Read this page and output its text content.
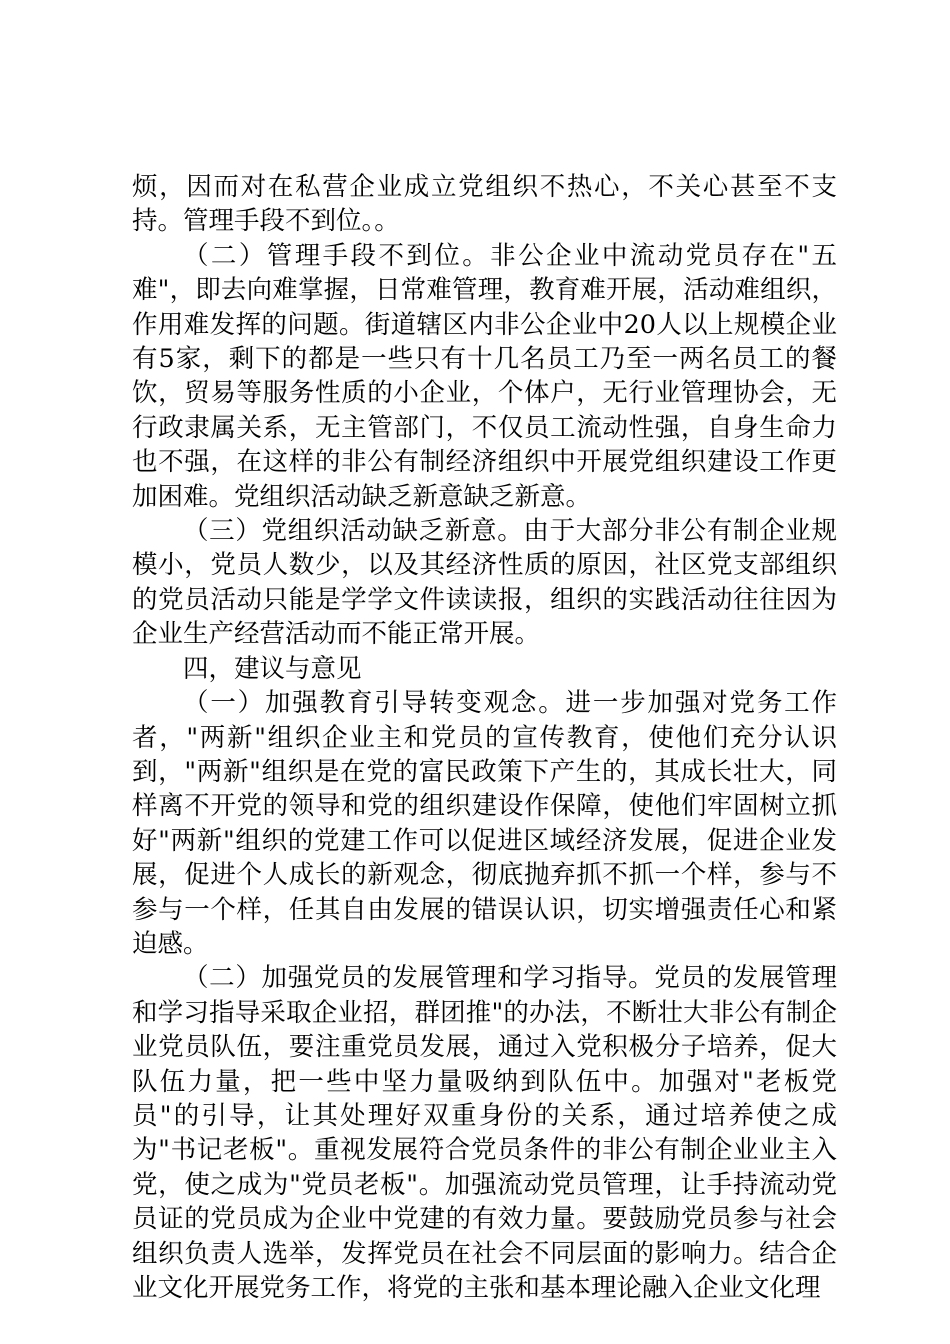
烦，因而对在私营企业成立党组织不热心，不关心甚至不支持。管理手段不到位。。

（二）管理手段不到位。非公企业中流动党员存在"五难"，即去向难掌握，日常难管理，教育难开展，活动难组织，作用难发挥的问题。街道辖区内非公企业中20人以上规模企业有5家，剩下的都是一些只有十几名员工乃至一两名员工的餐饮，贸易等服务性质的小企业，个体户，无行业管理协会，无行政隶属关系，无主管部门，不仅员工流动性强，自身生命力也不强，在这样的非公有制经济组织中开展党组织建设工作更加困难。党组织活动缺乏新意缺乏新意。

（三）党组织活动缺乏新意。由于大部分非公有制企业规模小，党员人数少，以及其经济性质的原因，社区党支部组织的党员活动只能是学学文件读读报，组织的实践活动往往因为企业生产经营活动而不能正常开展。

四，建议与意见

（一）加强教育引导转变观念。进一步加强对党务工作者，"两新"组织企业主和党员的宣传教育，使他们充分认识到，"两新"组织是在党的富民政策下产生的，其成长壮大，同样离不开党的领导和党的组织建设作保障，使他们牢固树立抓好"两新"组织的党建工作可以促进区域经济发展，促进企业发展，促进个人成长的新观念，彻底抛弃抓不抓一个样，参与不参与一个样，任其自由发展的错误认识，切实增强责任心和紧迫感。

（二）加强党员的发展管理和学习指导。党员的发展管理和学习指导采取企业招，群团推"的办法，不断壮大非公有制企业党员队伍，要注重党员发展，通过入党积极分子培养，促大队伍力量，把一些中坚力量吸纳到队伍中。加强对"老板党员"的引导，让其处理好双重身份的关系，通过培养使之成为"书记老板"。重视发展符合党员条件的非公有制企业业主入党，使之成为"党员老板"。加强流动党员管理，让手持流动党员证的党员成为企业中党建的有效力量。要鼓励党员参与社会组织负责人选举，发挥党员在社会不同层面的影响力。结合企业文化开展党务工作，将党的主张和基本理论融入企业文化理
